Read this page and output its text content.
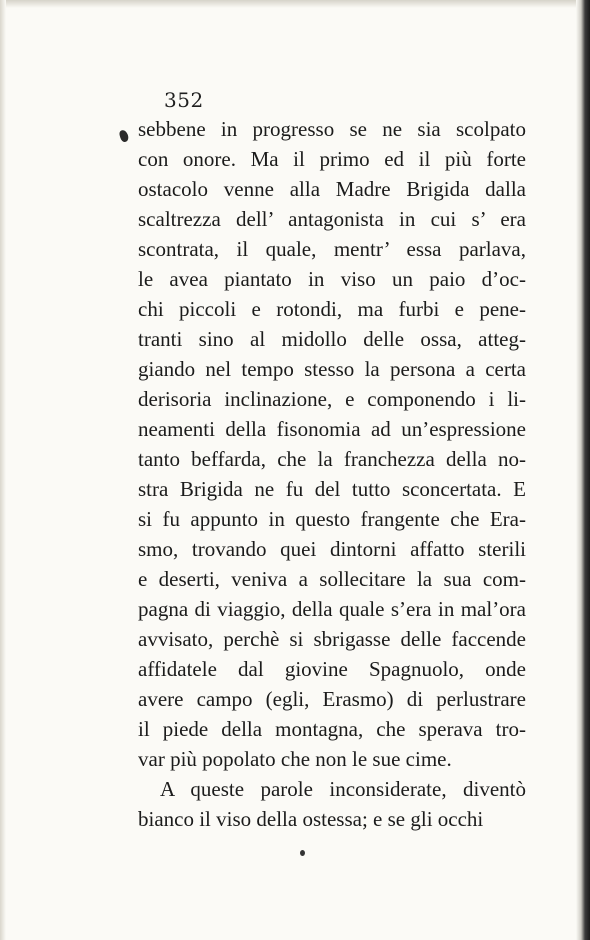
352
sebbene in progresso se ne sia scolpato
con onore. Ma il primo ed il più forte
ostacolo venne alla Madre Brigida dalla
scaltrezza dell’ antagonista in cui s’ era
scontrata, il quale, mentr’ essa parlava,
le avea piantato in viso un paio d’oc-
chi piccoli e rotondi, ma furbi e pene-
tranti sino al midollo delle ossa, atteg-
giando nel tempo stesso la persona a certa
derisoria inclinazione, e componendo i li-
neamenti della fisonomia ad un’espressione
tanto beffarda, che la franchezza della no-
stra Brigida ne fu del tutto sconcertata. E
si fu appunto in questo frangente che Era-
smo, trovando quei dintorni affatto sterili
e deserti, veniva a sollecitare la sua com-
pagna di viaggio, della quale s’era in mal’ora
avvisato, perchè si sbrigasse delle faccende
affidatele dal giovine Spagnuolo, onde
avere campo (egli, Erasmo) di perlustrare
il piede della montagna, che sperava tro-
var più popolato che non le sue cime.
A queste parole inconsiderate, diventò
bianco il viso della ostessa; e se gli occhi
